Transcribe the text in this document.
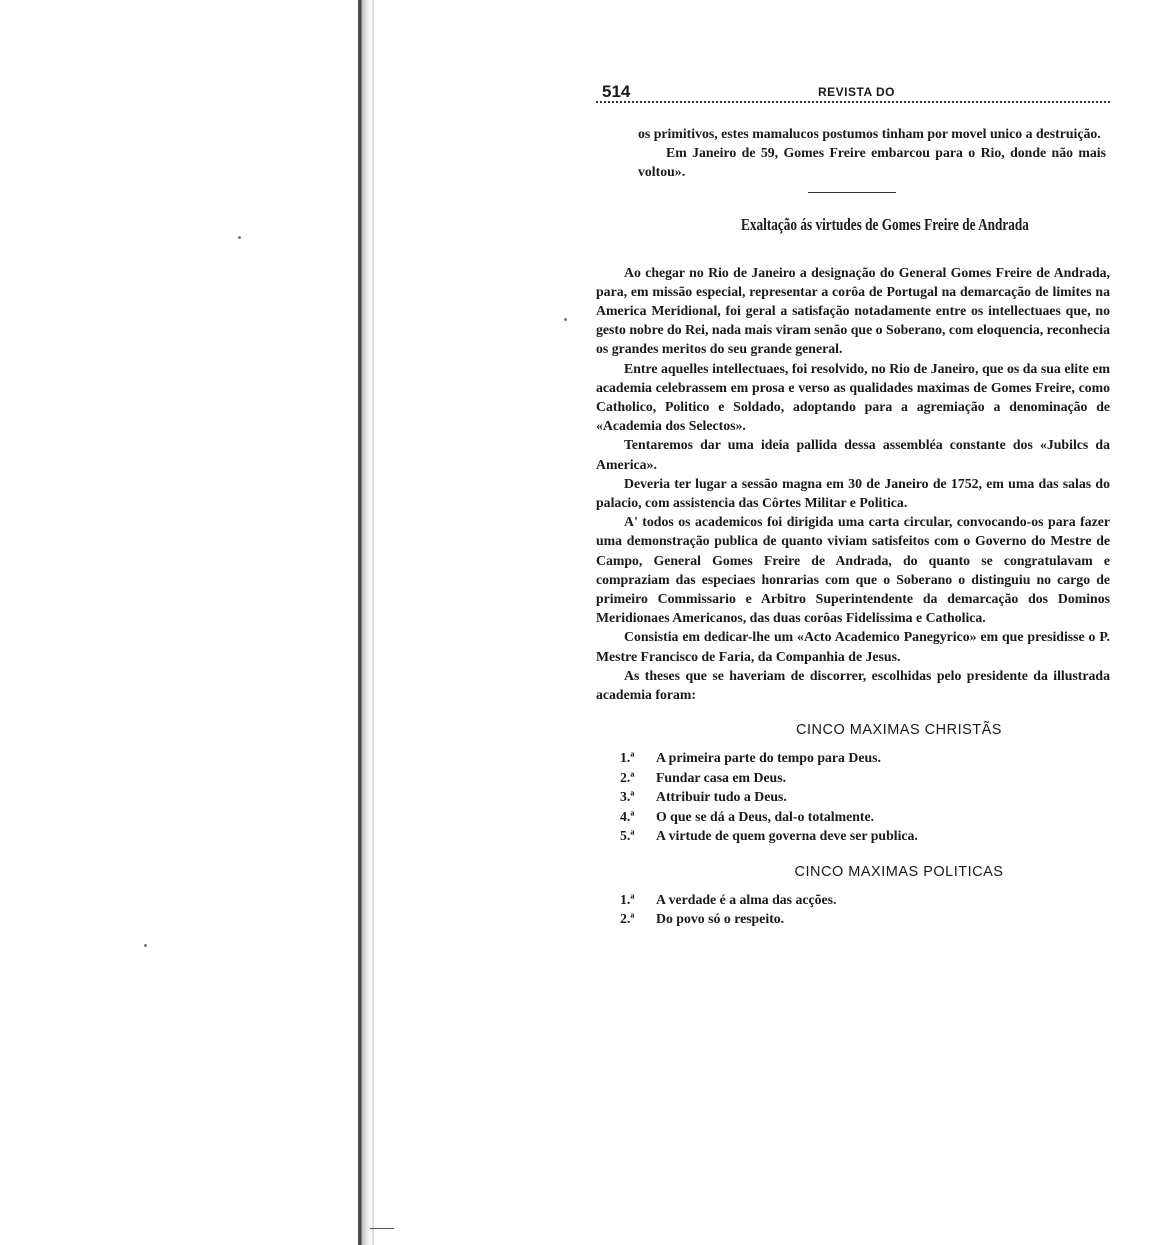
514	REVISTA DO

os primitivos, estes mamalucos postumos tinham por movel unico a destruição.

Em Janeiro de 59, Gomes Freire embarcou para o Rio, donde não mais voltou».

Exaltação ás virtudes de Gomes Freire de Andrada

Ao chegar no Rio de Janeiro a designação do General Gomes Freire de Andrada, para, em missão especial, representar a corôa de Portugal na demarcação de limites na America Meridional, foi geral a satisfação notadamente entre os intellectuaes que, no gesto nobre do Rei, nada mais viram senão que o Soberano, com eloquencia, reconhecia os grandes meritos do seu grande general.

Entre aquelles intellectuaes, foi resolvido, no Rio de Janeiro, que os da sua elite em academia celebrassem em prosa e verso as qualidades maximas de Gomes Freire, como Catholico, Politico e Soldado, adoptando para a agremiação a denominação de «Academia dos Selectos».

Tentaremos dar uma ideia pallida dessa assembléa constante dos «Jubilcs da America».

Deveria ter lugar a sessão magna em 30 de Janeiro de 1752, em uma das salas do palacio, com assistencia das Côrtes Militar e Politica.

A' todos os academicos foi dirigida uma carta circular, convocando-os para fazer uma demonstração publica de quanto viviam satisfeitos com o Governo do Mestre de Campo, General Gomes Freire de Andrada, do quanto se congratulavam e compraziam das especiaes honrarias com que o Soberano o distinguiu no cargo de primeiro Commissario e Arbitro Superintendente da demarcação dos Dominos Meridionaes Americanos, das duas corôas Fidelissima e Catholica.

Consistia em dedicar-lhe um «Acto Academico Panegyrico» em que presidisse o P. Mestre Francisco de Faria, da Companhia de Jesus.

As theses que se haveriam de discorrer, escolhidas pelo presidente da illustrada academia foram:

CINCO MAXIMAS CHRISTÃS
1.ª	A primeira parte do tempo para Deus.
2.ª	Fundar casa em Deus.
3.ª	Attribuir tudo a Deus.
4.ª	O que se dá a Deus, dal-o totalmente.
5.ª	A virtude de quem governa deve ser publica.
CINCO MAXIMAS POLITICAS
1.ª	A verdade é a alma das acções.
2.ª	Do povo só o respeito.
